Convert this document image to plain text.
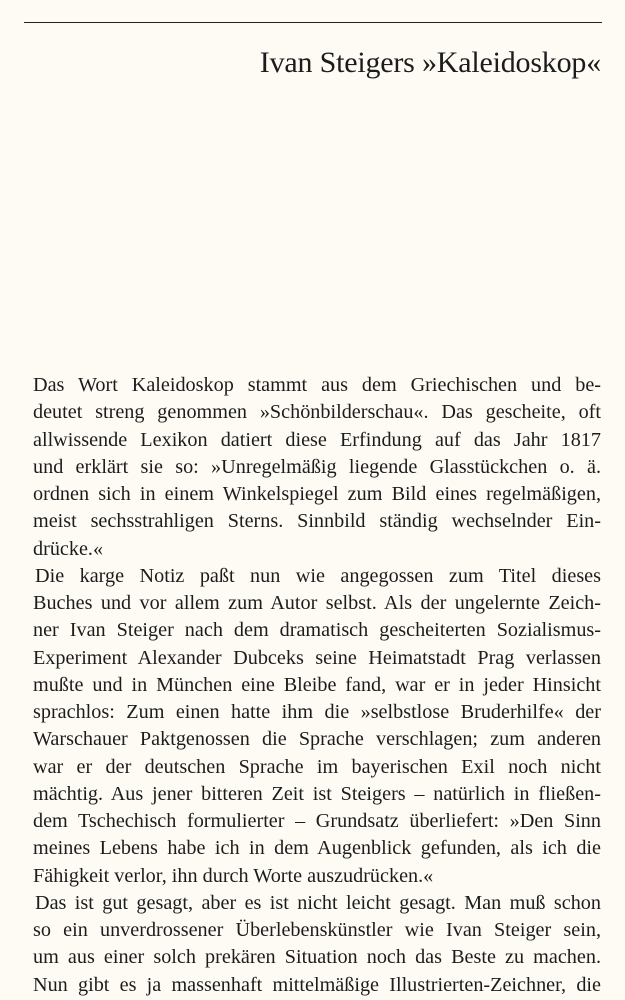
Ivan Steigers »Kaleidoskop«
Das Wort Kaleidoskop stammt aus dem Griechischen und be-
deutet streng genommen »Schönbilderschau«. Das gescheite, oft
allwissende Lexikon datiert diese Erfindung auf das Jahr 1817
und erklärt sie so: »Unregelmäßig liegende Glasstückchen o. ä.
ordnen sich in einem Winkelspiegel zum Bild eines regelmäßigen,
meist sechsstrahligen Sterns. Sinnbild ständig wechselnder Ein-
drücke.«
Die karge Notiz paßt nun wie angegossen zum Titel dieses
Buches und vor allem zum Autor selbst. Als der ungelernte Zeich-
ner Ivan Steiger nach dem dramatisch gescheiterten Sozialismus-
Experiment Alexander Dubceks seine Heimatstadt Prag verlassen
mußte und in München eine Bleibe fand, war er in jeder Hinsicht
sprachlos: Zum einen hatte ihm die »selbstlose Bruderhilfe« der
Warschauer Paktgenossen die Sprache verschlagen; zum anderen
war er der deutschen Sprache im bayerischen Exil noch nicht
mächtig. Aus jener bitteren Zeit ist Steigers – natürlich in fließen-
dem Tschechisch formulierter – Grundsatz überliefert: »Den Sinn
meines Lebens habe ich in dem Augenblick gefunden, als ich die
Fähigkeit verlor, ihn durch Worte auszudrücken.«
Das ist gut gesagt, aber es ist nicht leicht gesagt. Man muß schon
so ein unverdrossener Überlebenskünstler wie Ivan Steiger sein,
um aus einer solch prekären Situation noch das Beste zu machen.
Nun gibt es ja massenhaft mittelmäßige Illustrierten-Zeichner, die
